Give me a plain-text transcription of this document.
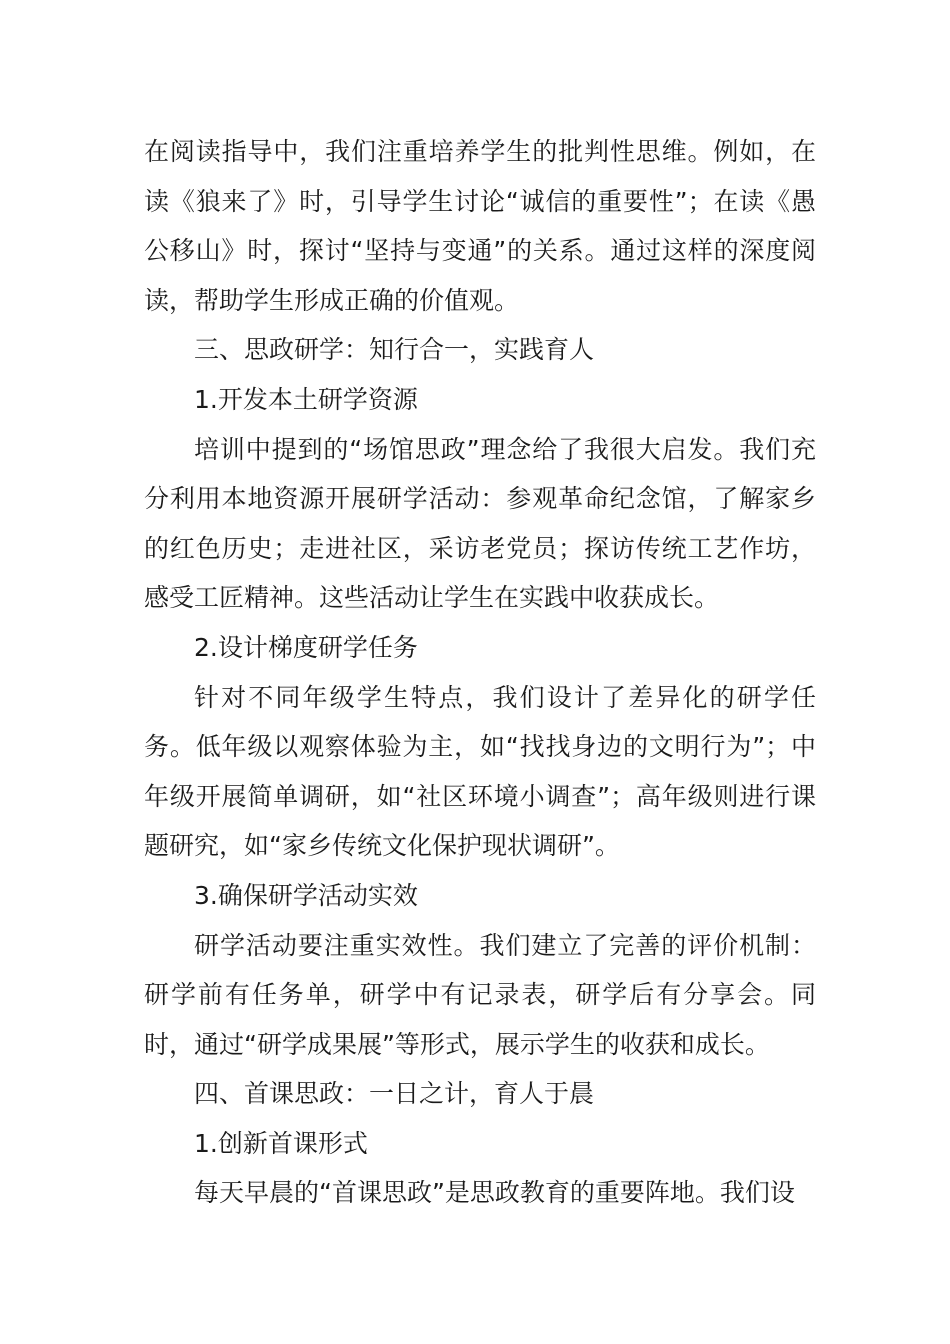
在阅读指导中，我们注重培养学生的批判性思维。例如，在读《狼来了》时，引导学生讨论“诚信的重要性”；在读《愚公移山》时，探讨“坚持与变通”的关系。通过这样的深度阅读，帮助学生形成正确的价值观。

三、思政研学：知行合一，实践育人

1.开发本土研学资源

培训中提到的“场馆思政”理念给了我很大启发。我们充分利用本地资源开展研学活动：参观革命纪念馆，了解家乡的红色历史；走进社区，采访老党员；探访传统工艺作坊，感受工匠精神。这些活动让学生在实践中收获成长。

2.设计梯度研学任务

针对不同年级学生特点，我们设计了差异化的研学任务。低年级以观察体验为主，如“找找身边的文明行为”；中年级开展简单调研，如“社区环境小调查”；高年级则进行课题研究，如“家乡传统文化保护现状调研”。

3.确保研学活动实效

研学活动要注重实效性。我们建立了完善的评价机制：研学前有任务单，研学中有记录表，研学后有分享会。同时，通过“研学成果展”等形式，展示学生的收获和成长。

四、首课思政：一日之计，育人于晨

1.创新首课形式

每天早晨的“首课思政”是思政教育的重要阵地。我们设
